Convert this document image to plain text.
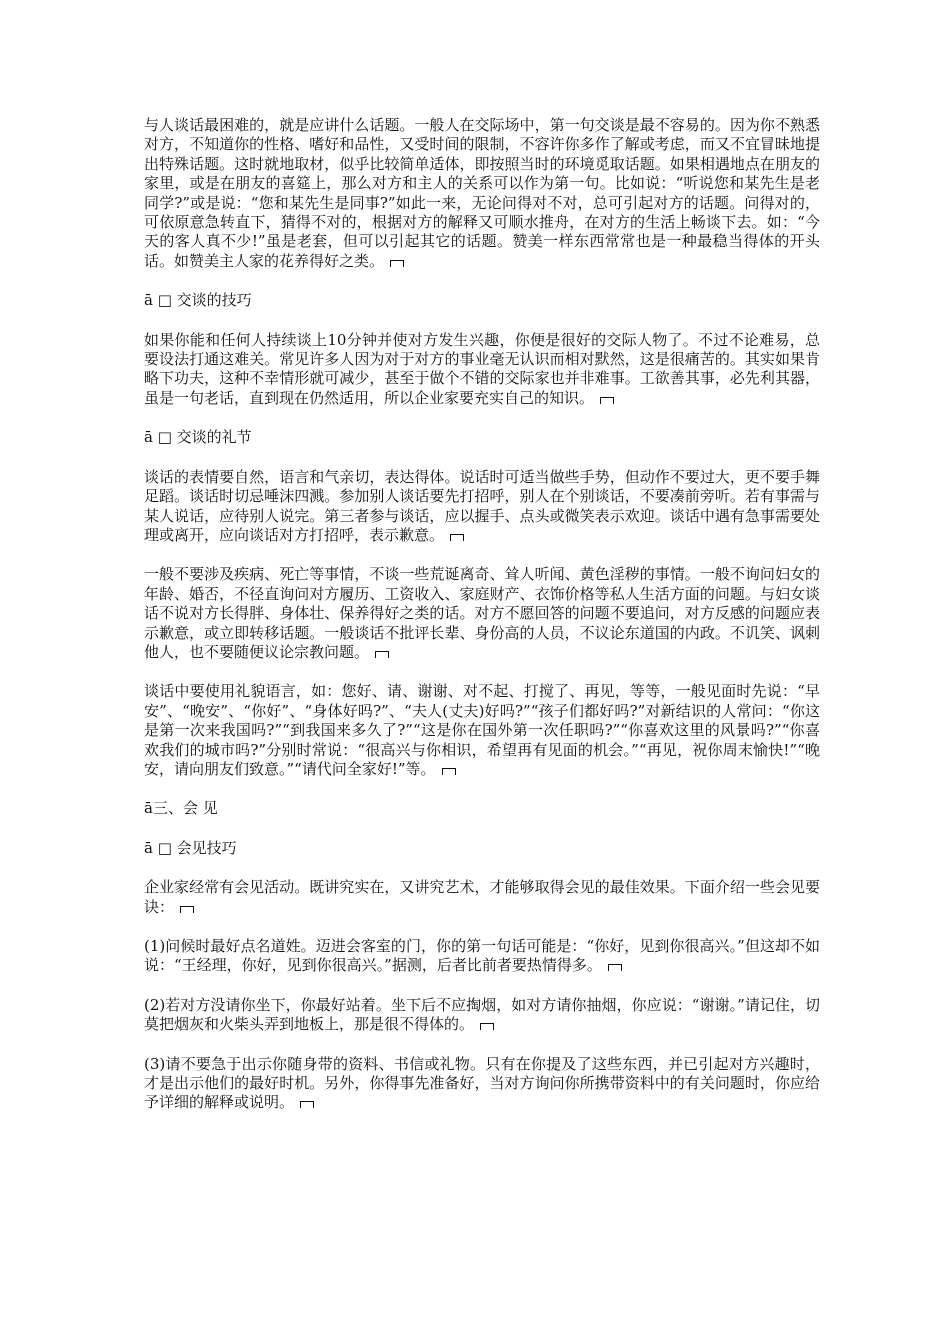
与人谈话最困难的，就是应讲什么话题。一般人在交际场中，第一句交谈是最不容易的。因为你不熟悉对方，不知道你的性格、嗜好和品性，又受时间的限制，不容许你多作了解或考虑，而又不宜冒昧地提出特殊话题。这时就地取材，似乎比较简单适体，即按照当时的环境觅取话题。如果相遇地点在朋友的家里，或是在朋友的喜筵上，那么对方和主人的关系可以作为第一句。比如说：“听说您和某先生是老同学?”或是说：“您和某先生是同事?”如此一来，无论问得对不对，总可引起对方的话题。问得对的，可依原意急转直下，猜得不对的，根据对方的解释又可顺水推舟，在对方的生活上畅谈下去。如：“今天的客人真不少!”虽是老套，但可以引起其它的话题。赞美一样东西常常也是一种最稳当得体的开头话。如赞美主人家的花养得好之类。

ā □ 交谈的技巧

如果你能和任何人持续谈上10分钟并使对方发生兴趣，你便是很好的交际人物了。不过不论难易，总要设法打通这难关。常见许多人因为对于对方的事业毫无认识而相对默然，这是很痛苦的。其实如果肯略下功夫，这种不幸情形就可减少，甚至于做个不错的交际家也并非难事。工欲善其事，必先利其器，虽是一句老话，直到现在仍然适用，所以企业家要充实自己的知识。

ā □ 交谈的礼节

谈话的表情要自然，语言和气亲切，表达得体。说话时可适当做些手势，但动作不要过大，更不要手舞足蹈。谈话时切忌唾沫四溅。参加别人谈话要先打招呼，别人在个别谈话，不要凑前旁听。若有事需与某人说话，应待别人说完。第三者参与谈话，应以握手、点头或微笑表示欢迎。谈话中遇有急事需要处理或离开，应向谈话对方打招呼，表示歉意。

一般不要涉及疾病、死亡等事情，不谈一些荒诞离奇、耸人听闻、黄色淫秽的事情。一般不询问妇女的年龄、婚否，不径直询问对方履历、工资收入、家庭财产、衣饰价格等私人生活方面的问题。与妇女谈话不说对方长得胖、身体壮、保养得好之类的话。对方不愿回答的问题不要追问，对方反感的问题应表示歉意，或立即转移话题。一般谈话不批评长辈、身份高的人员，不议论东道国的内政。不讥笑、讽刺他人，也不要随便议论宗教问题。

谈话中要使用礼貌语言，如：您好、请、谢谢、对不起、打搅了、再见，等等，一般见面时先说：“早安”、“晚安”、“你好”、“身体好吗?”、“夫人(丈夫)好吗?”“孩子们都好吗?”对新结识的人常问：“你这是第一次来我国吗?”“到我国来多久了?”“这是你在国外第一次任职吗?”“你喜欢这里的风景吗?”“你喜欢我们的城市吗?”分别时常说：“很高兴与你相识，希望再有见面的机会。”“再见，祝你周末愉快!”“晚安，请向朋友们致意。”“请代问全家好!”等。

ā三、会 见

ā □ 会见技巧

企业家经常有会见活动。既讲究实在，又讲究艺术，才能够取得会见的最佳效果。下面介绍一些会见要诀：

(1)问候时最好点名道姓。迈进会客室的门，你的第一句话可能是：“你好，见到你很高兴。”但这却不如说：“王经理，你好，见到你很高兴。”据测，后者比前者要热情得多。

(2)若对方没请你坐下，你最好站着。坐下后不应掏烟，如对方请你抽烟，你应说：“谢谢。”请记住，切莫把烟灰和火柴头弄到地板上，那是很不得体的。

(3)请不要急于出示你随身带的资料、书信或礼物。只有在你提及了这些东西，并已引起对方兴趣时，才是出示他们的最好时机。另外，你得事先准备好，当对方询问你所携带资料中的有关问题时，你应给予详细的解释或说明。
